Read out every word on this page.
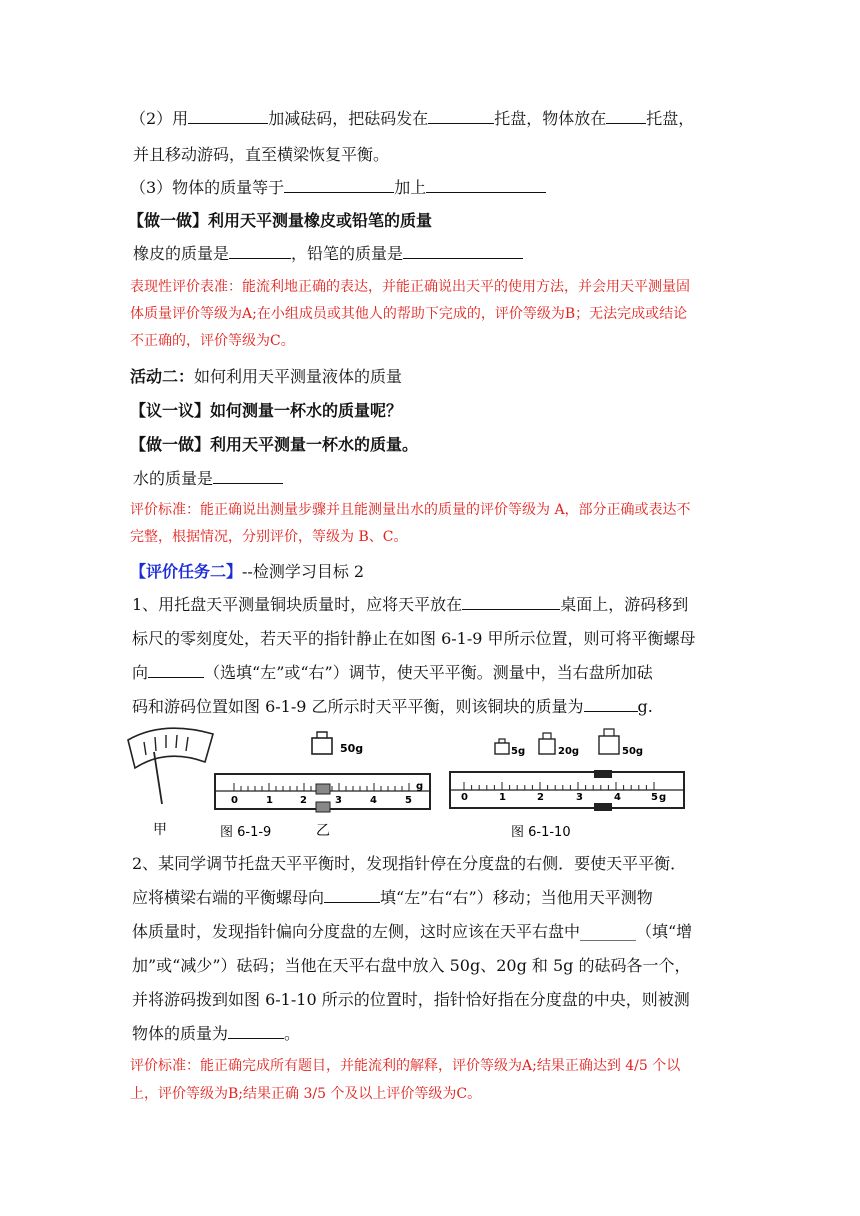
（2）用	加减砝码，把砝码发在	托盘，物体放在	托盘，
并且移动游码，直至横梁恢复平衡。
（3）物体的质量等于	加上
【做一做】利用天平测量橡皮或铅笔的质量
橡皮的质量是	，铅笔的质量是
表现性评价表准：能流利地正确的表达，并能正确说出天平的使用方法，并会用天平测量固
体质量评价等级为A;在小组成员或其他人的帮助下完成的，评价等级为B；无法完成或结论
不正确的，评价等级为C。
活动二：如何利用天平测量液体的质量
【议一议】如何测量一杯水的质量呢？
【做一做】利用天平测量一杯水的质量。
水的质量是
评价标准：能正确说出测量步骤并且能测量出水的质量的评价等级为 A，部分正确或表达不
完整，根据情况，分别评价，等级为 B、C。
【评价任务二】--检测学习目标 2
1、用托盘天平测量铜块质量时，应将天平放在	桌面上，游码移到
标尺的零刻度处，若天平的指针静止在如图 6-1-9 甲所示位置，则可将平衡螺母
向	（选填“左”或“右”）调节，使天平平衡。测量中，当右盘所加砝
码和游码位置如图 6-1-9 乙所示时天平平衡，则该铜块的质量为	g.
甲
50g
0	1	2	3	4	5
g
图 6-1-9	乙
5g	20g	50g
0	1	2	3	4	5 g
图 6-1-10
2、某同学调节托盘天平平衡时，发现指针停在分度盘的右侧．要使天平平衡．
应将横梁右端的平衡螺母向	填“左”右“右”）移动；当他用天平测物
体质量时，发现指针偏向分度盘的左侧，这时应该在天平右盘中_______（填“增
加”或“减少”）砝码；当他在天平右盘中放入 50g、20g 和 5g 的砝码各一个，
并将游码拨到如图 6-1-10 所示的位置时，指针恰好指在分度盘的中央，则被测
物体的质量为	。
评价标准：能正确完成所有题目，并能流利的解释，评价等级为A;结果正确达到 4/5 个以
上，评价等级为B;结果正确 3/5 个及以上评价等级为C。
